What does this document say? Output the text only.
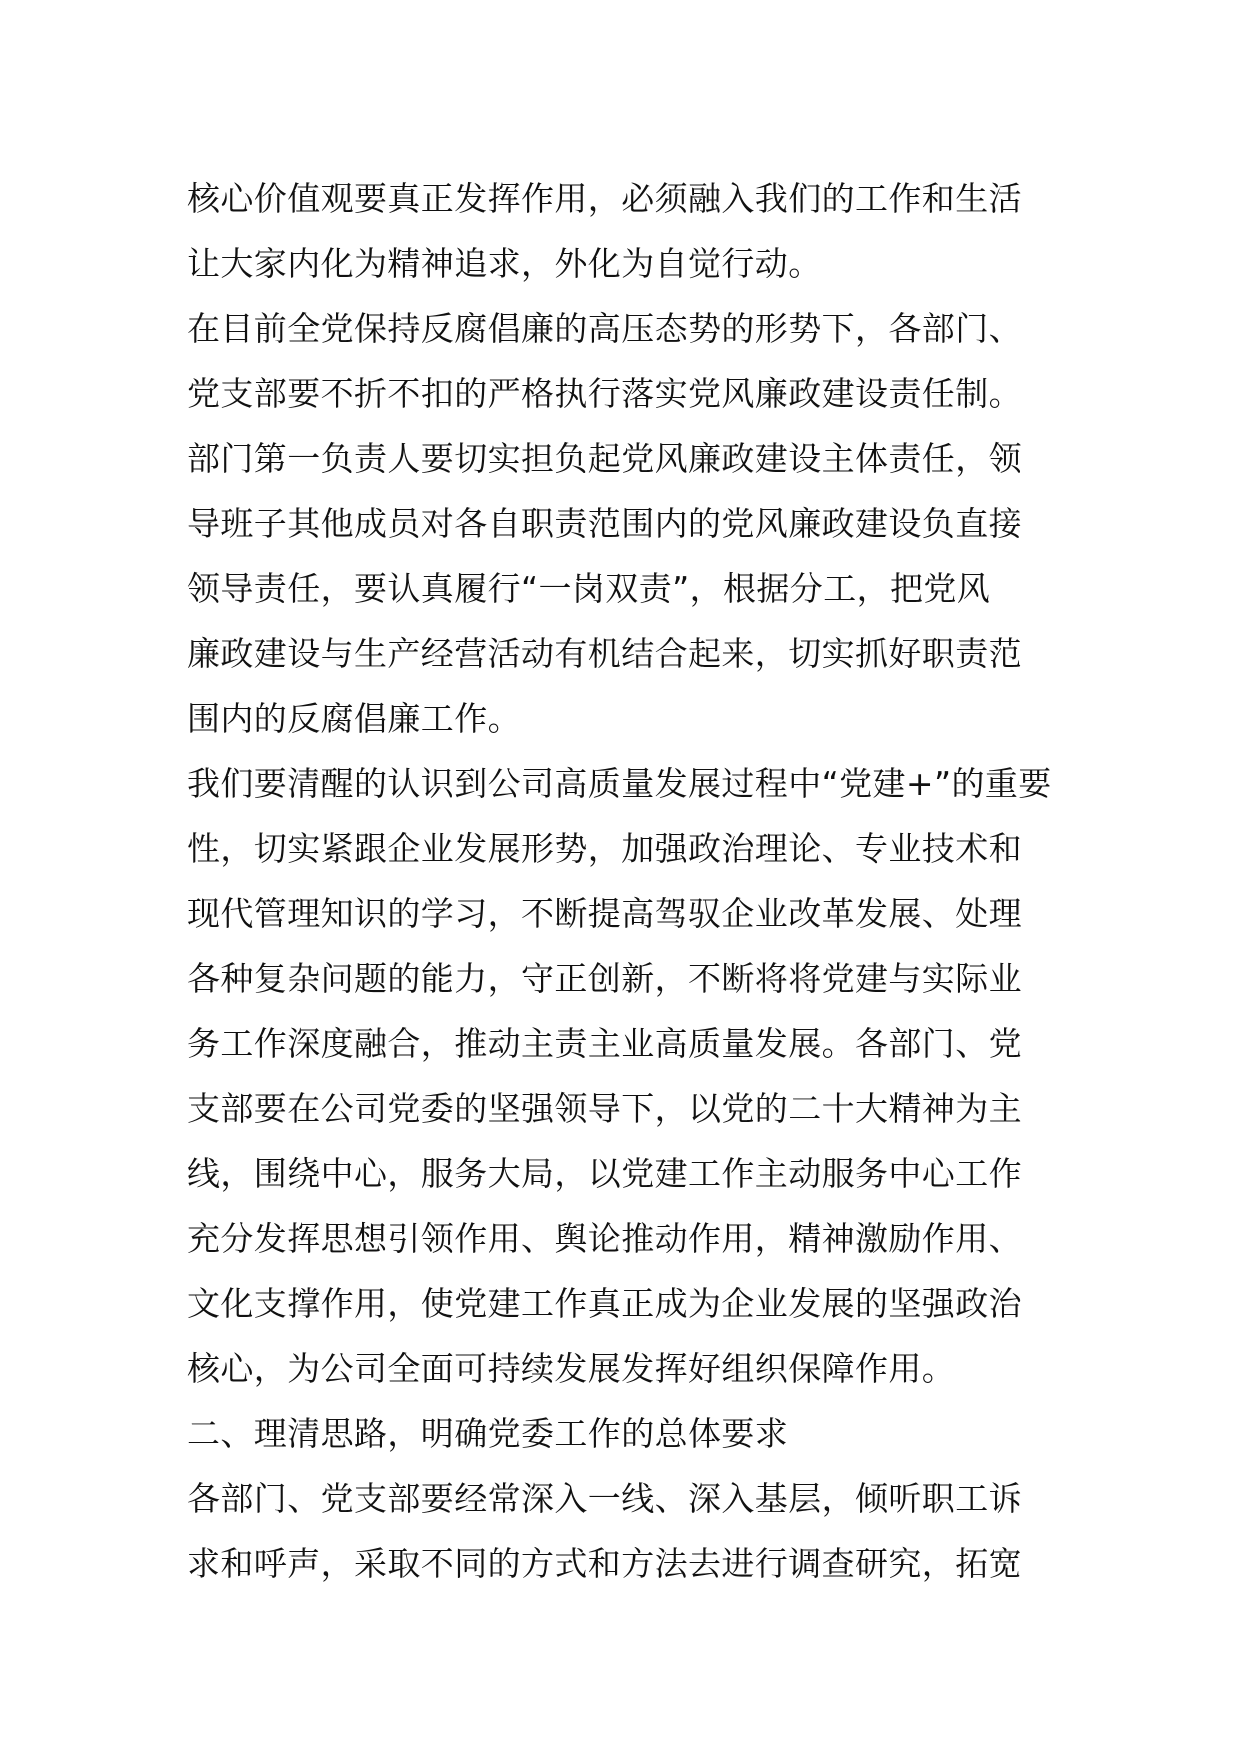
核心价值观要真正发挥作用，必须融入我们的工作和生活
让大家内化为精神追求，外化为自觉行动。
在目前全党保持反腐倡廉的高压态势的形势下，各部门、
党支部要不折不扣的严格执行落实党风廉政建设责任制。
部门第一负责人要切实担负起党风廉政建设主体责任，领
导班子其他成员对各自职责范围内的党风廉政建设负直接
领导责任，要认真履行“一岗双责”，根据分工，把党风
廉政建设与生产经营活动有机结合起来，切实抓好职责范
围内的反腐倡廉工作。
我们要清醒的认识到公司高质量发展过程中“党建+”的重要
性，切实紧跟企业发展形势，加强政治理论、专业技术和
现代管理知识的学习，不断提高驾驭企业改革发展、处理
各种复杂问题的能力，守正创新，不断将将党建与实际业
务工作深度融合，推动主责主业高质量发展。各部门、党
支部要在公司党委的坚强领导下，以党的二十大精神为主
线，围绕中心，服务大局，以党建工作主动服务中心工作
充分发挥思想引领作用、舆论推动作用，精神激励作用、
文化支撑作用，使党建工作真正成为企业发展的坚强政治
核心，为公司全面可持续发展发挥好组织保障作用。
二、理清思路，明确党委工作的总体要求
各部门、党支部要经常深入一线、深入基层，倾听职工诉
求和呼声，采取不同的方式和方法去进行调查研究，拓宽
